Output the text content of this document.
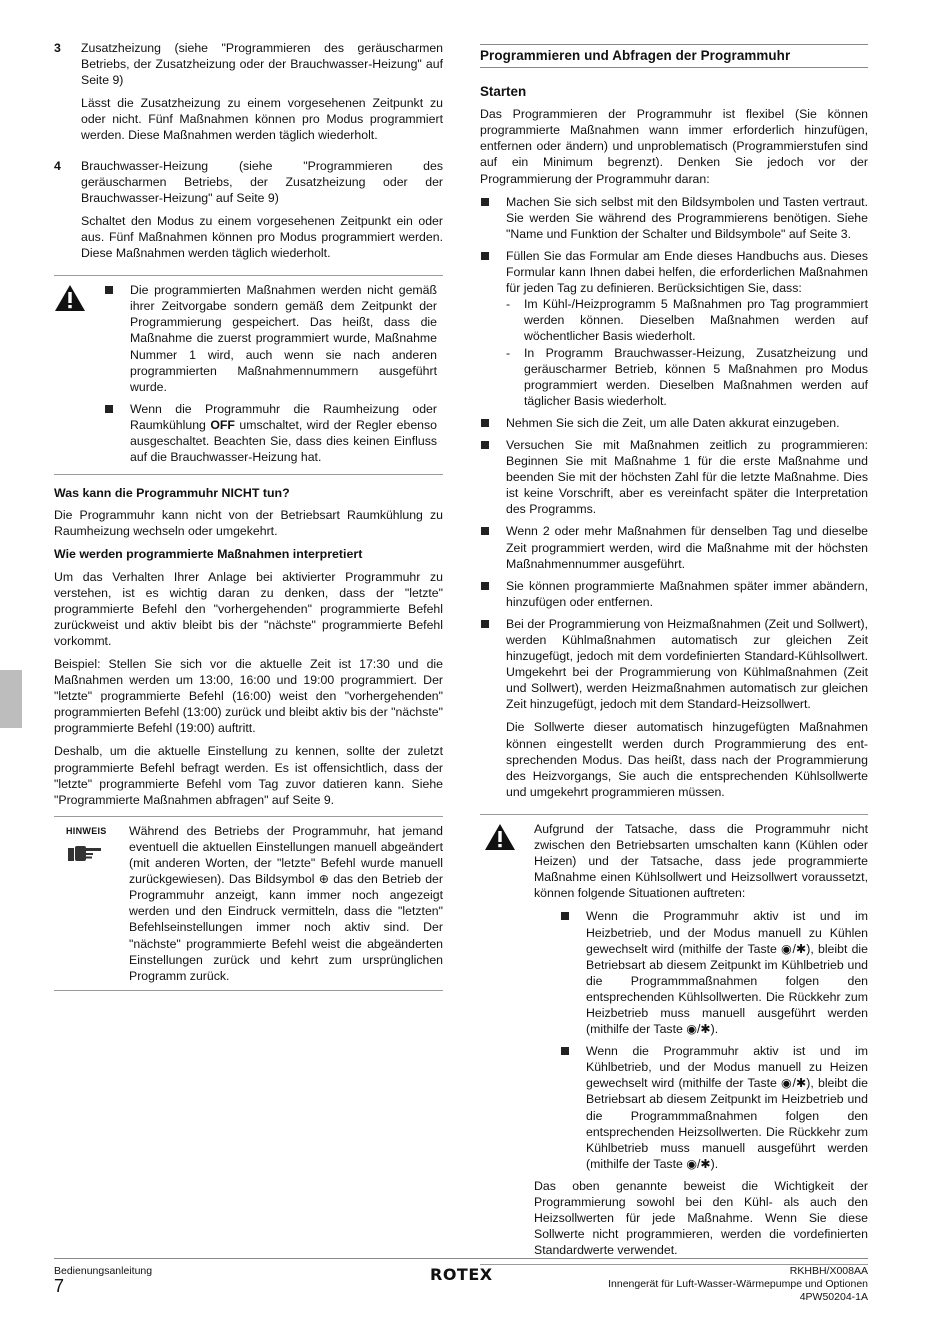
3	Zusatzheizung (siehe "Programmieren des geräuscharmen Betriebs, der Zusatzheizung oder der Brauchwasser-Heizung" auf Seite 9)

Lässt die Zusatzheizung zu einem vorgesehenen Zeitpunkt zu oder nicht. Fünf Maßnahmen können pro Modus programmiert werden. Diese Maßnahmen werden täglich wiederholt.

4	Brauchwasser-Heizung (siehe "Programmieren des geräuscharmen Betriebs, der Zusatzheizung oder der Brauchwasser-Heizung" auf Seite 9)

Schaltet den Modus zu einem vorgesehenen Zeitpunkt ein oder aus. Fünf Maßnahmen können pro Modus programmiert werden. Diese Maßnahmen werden täglich wiederholt.

Die programmierten Maßnahmen werden nicht gemäß ihrer Zeitvorgabe sondern gemäß dem Zeitpunkt der Programmierung gespeichert. Das heißt, dass die Maßnahme die zuerst programmiert wurde, Maßnahme Nummer 1 wird, auch wenn sie nach anderen programmierten Maßnahmennummern ausgeführt wurde.
Wenn die Programmuhr die Raumheizung oder Raumkühlung OFF umschaltet, wird der Regler ebenso ausgeschaltet. Beachten Sie, dass dies keinen Einfluss auf die Brauchwasser-Heizung hat.
Was kann die Programmuhr NICHT tun?

Die Programmuhr kann nicht von der Betriebsart Raumkühlung zu Raumheizung wechseln oder umgekehrt.

Wie werden programmierte Maßnahmen interpretiert

Um das Verhalten Ihrer Anlage bei aktivierter Programmuhr zu verstehen, ist es wichtig daran zu denken, dass der "letzte" programmierte Befehl den "vorhergehenden" programmierte Befehl zurückweist und aktiv bleibt bis der "nächste" programmierte Befehl vorkommt.

Beispiel: Stellen Sie sich vor die aktuelle Zeit ist 17:30 und die Maßnahmen werden um 13:00, 16:00 und 19:00 programmiert. Der "letzte" programmierte Befehl (16:00) weist den "vorhergehenden" programmierten Befehl (13:00) zurück und bleibt aktiv bis der "nächste" programmierte Befehl (19:00) auftritt.

Deshalb, um die aktuelle Einstellung zu kennen, sollte der zuletzt programmierte Befehl befragt werden. Es ist offensichtlich, dass der "letzte" programmierte Befehl vom Tag zuvor datieren kann. Siehe "Programmierte Maßnahmen abfragen" auf Seite 9.

HINWEIS	Während des Betriebs der Programmuhr, hat jemand eventuell die aktuellen Einstellungen manuell abgeändert (mit anderen Worten, der "letzte" Befehl wurde manuell zurückgewiesen). Das Bildsymbol ⊕ das den Betrieb der Programmuhr anzeigt, kann immer noch angezeigt werden und den Eindruck vermitteln, dass die "letzten" Befehlseinstellungen immer noch aktiv sind. Der "nächste" programmierte Befehl weist die abgeänderten Einstellungen zurück und kehrt zum ursprünglichen Programm zurück.
Programmieren und Abfragen der Programmuhr
Starten

Das Programmieren der Programmuhr ist flexibel (Sie können programmierte Maßnahmen wann immer erforderlich hinzufügen, entfernen oder ändern) und unproblematisch (Programmierstufen sind auf ein Minimum begrenzt). Denken Sie jedoch vor der Programmierung der Programmuhr daran:

Machen Sie sich selbst mit den Bildsymbolen und Tasten vertraut. Sie werden Sie während des Programmierens benötigen. Siehe "Name und Funktion der Schalter und Bildsymbole" auf Seite 3.
Füllen Sie das Formular am Ende dieses Handbuchs aus. Dieses Formular kann Ihnen dabei helfen, die erforderlichen Maßnahmen für jeden Tag zu definieren. Berücksichtigen Sie, dass:
-	Im Kühl-/Heizprogramm 5 Maßnahmen pro Tag programmiert werden können. Dieselben Maßnahmen werden auf wöchentlicher Basis wiederholt.
-	In Programm Brauchwasser-Heizung, Zusatzheizung und geräuscharmer Betrieb, können 5 Maßnahmen pro Modus programmiert werden. Dieselben Maßnahmen werden auf täglicher Basis wiederholt.
Nehmen Sie sich die Zeit, um alle Daten akkurat einzugeben.
Versuchen Sie mit Maßnahmen zeitlich zu programmieren: Beginnen Sie mit Maßnahme 1 für die erste Maßnahme und beenden Sie mit der höchsten Zahl für die letzte Maßnahme. Dies ist keine Vorschrift, aber es vereinfacht später die Interpretation des Programms.
Wenn 2 oder mehr Maßnahmen für denselben Tag und dieselbe Zeit programmiert werden, wird die Maßnahme mit der höchsten Maßnahmennummer ausgeführt.
Sie können programmierte Maßnahmen später immer abändern, hinzufügen oder entfernen.

Bei der Programmierung von Heizmaßnahmen (Zeit und Sollwert), werden Kühlmaßnahmen automatisch zur gleichen Zeit hinzugefügt, jedoch mit dem vordefinierten Standard-Kühlsollwert. Umgekehrt bei der Programmierung von Kühlmaßnahmen (Zeit und Sollwert), werden Heizmaßnahmen automatisch zur gleichen Zeit hinzugefügt, jedoch mit dem Standard-Heizsollwert.

Die Sollwerte dieser automatisch hinzugefügten Maßnahmen können eingestellt werden durch Programmierung des ent-sprechenden Modus. Das heißt, dass nach der Programmierung des Heizvorgangs, Sie auch die entsprechenden Kühlsollwerte und umgekehrt programmieren müssen.

Aufgrund der Tatsache, dass die Programmuhr nicht zwischen den Betriebsarten umschalten kann (Kühlen oder Heizen) und der Tatsache, dass jede programmierte Maßnahme einen Kühlsollwert und Heizsollwert voraussetzt, können folgende Situationen auftreten:

Wenn die Programmuhr aktiv ist und im Heizbetrieb, und der Modus manuell zu Kühlen gewechselt wird (mithilfe der Taste ◉/✱), bleibt die Betriebsart ab diesem Zeitpunkt im Kühlbetrieb und die Programmmaßnahmen folgen den entsprechenden Kühlsollwerten. Die Rückkehr zum Heizbetrieb muss manuell ausgeführt werden (mithilfe der Taste ◉/✱).
Wenn die Programmuhr aktiv ist und im Kühlbetrieb, und der Modus manuell zu Heizen gewechselt wird (mithilfe der Taste ◉/✱), bleibt die Betriebsart ab diesem Zeitpunkt im Heizbetrieb und die Programmmaßnahmen folgen den entsprechenden Heizsollwerten. Die Rückkehr zum Kühlbetrieb muss manuell ausgeführt werden (mithilfe der Taste ◉/✱).

Das oben genannte beweist die Wichtigkeit der Programmierung sowohl bei den Kühl- als auch den Heizsollwerten für jede Maßnahme. Wenn Sie diese Sollwerte nicht programmieren, werden die vordefinierten Standardwerte verwendet.

Bedienungsanleitung
7
ROTEX	RKHBH/X008AA
Innengerät für Luft-Wasser-Wärmepumpe und Optionen
4PW50204-1A
